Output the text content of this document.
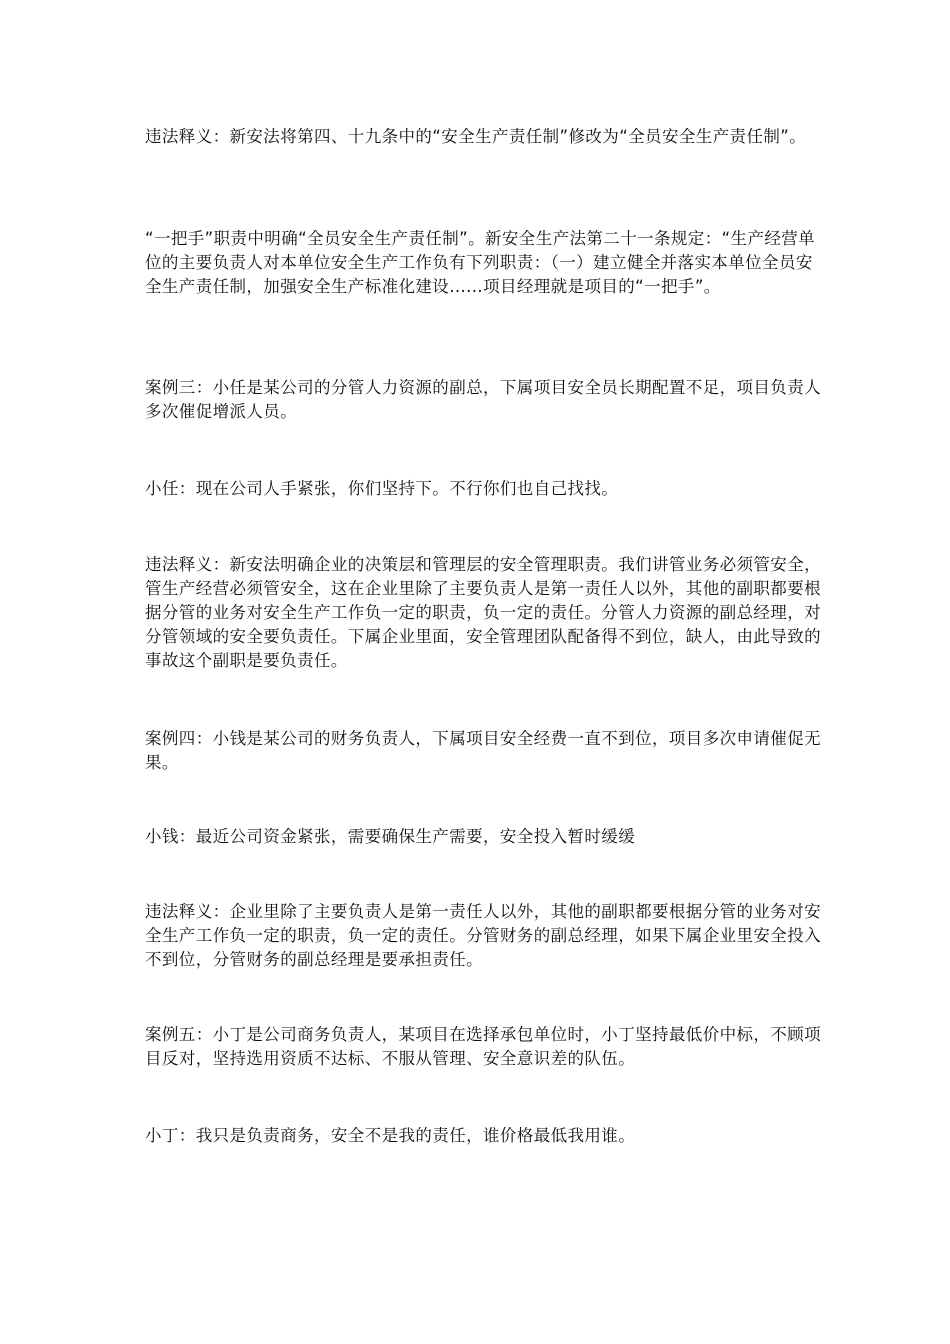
违法释义：新安法将第四、十九条中的“安全生产责任制”修改为“全员安全生产责任制”。

“一把手”职责中明确“全员安全生产责任制”。新安全生产法第二十一条规定：“生产经营单位的主要负责人对本单位安全生产工作负有下列职责：（一）建立健全并落实本单位全员安全生产责任制，加强安全生产标准化建设......项目经理就是项目的“一把手”。

案例三：小任是某公司的分管人力资源的副总，下属项目安全员长期配置不足，项目负责人多次催促增派人员。

小任：现在公司人手紧张，你们坚持下。不行你们也自己找找。

违法释义：新安法明确企业的决策层和管理层的安全管理职责。我们讲管业务必须管安全，管生产经营必须管安全，这在企业里除了主要负责人是第一责任人以外，其他的副职都要根据分管的业务对安全生产工作负一定的职责，负一定的责任。分管人力资源的副总经理，对分管领域的安全要负责任。下属企业里面，安全管理团队配备得不到位，缺人，由此导致的事故这个副职是要负责任。

案例四：小钱是某公司的财务负责人，下属项目安全经费一直不到位，项目多次申请催促无果。

小钱：最近公司资金紧张，需要确保生产需要，安全投入暂时缓缓

违法释义：企业里除了主要负责人是第一责任人以外，其他的副职都要根据分管的业务对安全生产工作负一定的职责，负一定的责任。分管财务的副总经理，如果下属企业里安全投入不到位，分管财务的副总经理是要承担责任。

案例五：小丁是公司商务负责人，某项目在选择承包单位时，小丁坚持最低价中标，不顾项目反对，坚持选用资质不达标、不服从管理、安全意识差的队伍。

小丁：我只是负责商务，安全不是我的责任，谁价格最低我用谁。
